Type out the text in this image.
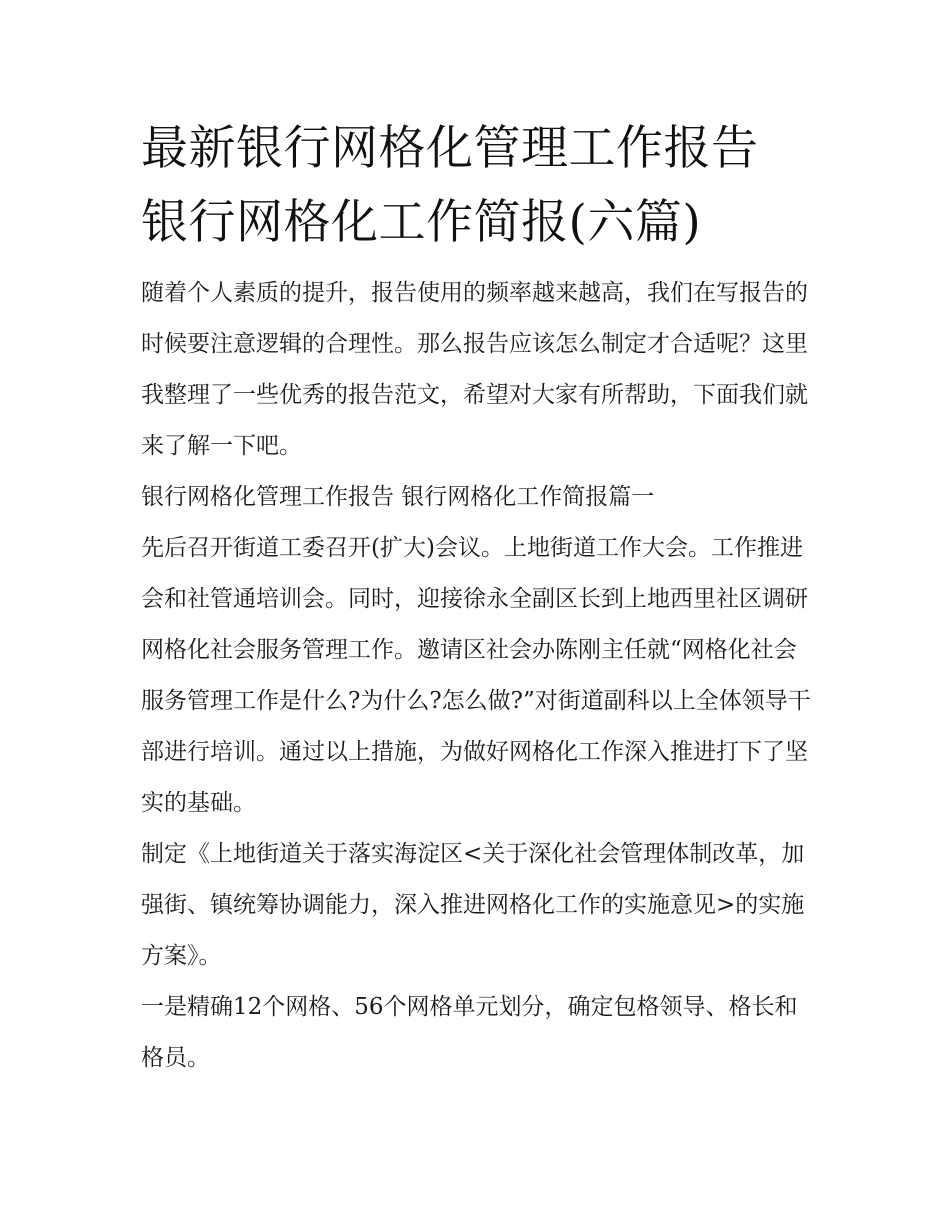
最新银行网格化管理工作报告 银行网格化工作简报(六篇)

随着个人素质的提升，报告使用的频率越来越高，我们在写报告的时候要注意逻辑的合理性。那么报告应该怎么制定才合适呢？这里我整理了一些优秀的报告范文，希望对大家有所帮助，下面我们就来了解一下吧。

银行网格化管理工作报告 银行网格化工作简报篇一

先后召开街道工委召开(扩大)会议。上地街道工作大会。工作推进会和社管通培训会。同时，迎接徐永全副区长到上地西里社区调研网格化社会服务管理工作。邀请区社会办陈刚主任就“网格化社会服务管理工作是什么?为什么?怎么做?”对街道副科以上全体领导干部进行培训。通过以上措施，为做好网格化工作深入推进打下了坚实的基础。

制定《上地街道关于落实海淀区<关于深化社会管理体制改革，加强街、镇统筹协调能力，深入推进网格化工作的实施意见>的实施方案》。

一是精确12个网格、56个网格单元划分，确定包格领导、格长和格员。
